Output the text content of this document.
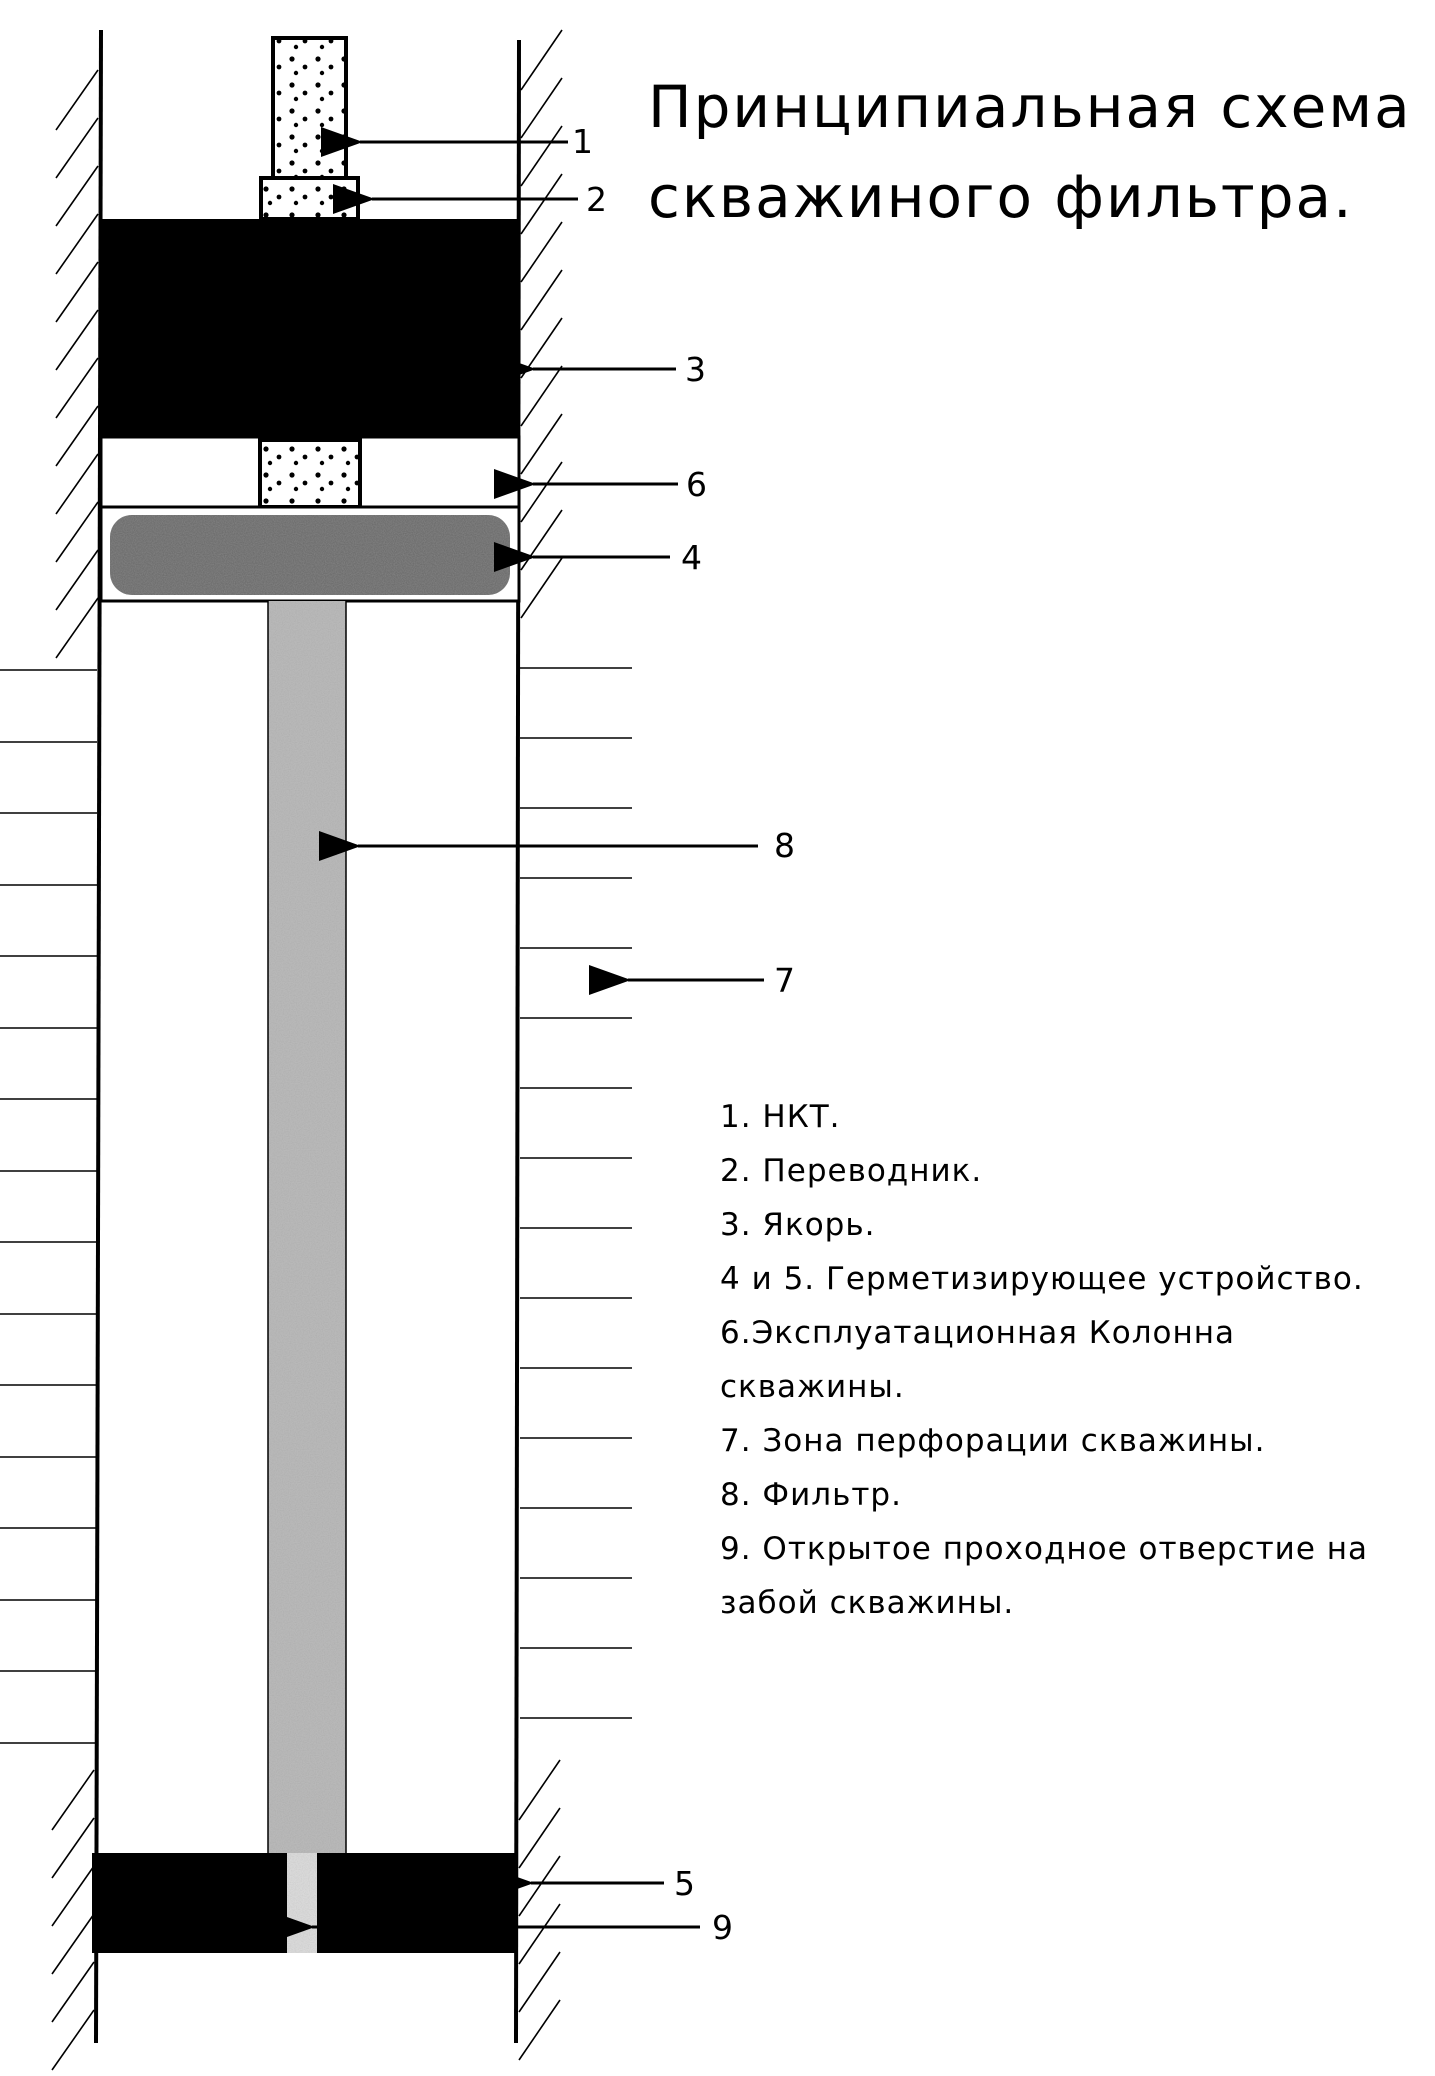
1
2
3
6
4
8
7
5
9
Принципиальная схема
скважиного фильтра.
1. НКТ.
2. Переводник.
3. Якорь.
4 и 5. Герметизирующее устройство.
6.Эксплуатационная Колонна
скважины.
7. Зона перфорации скважины.
8. Фильтр.
9. Открытое проходное отверстие на
забой скважины.
